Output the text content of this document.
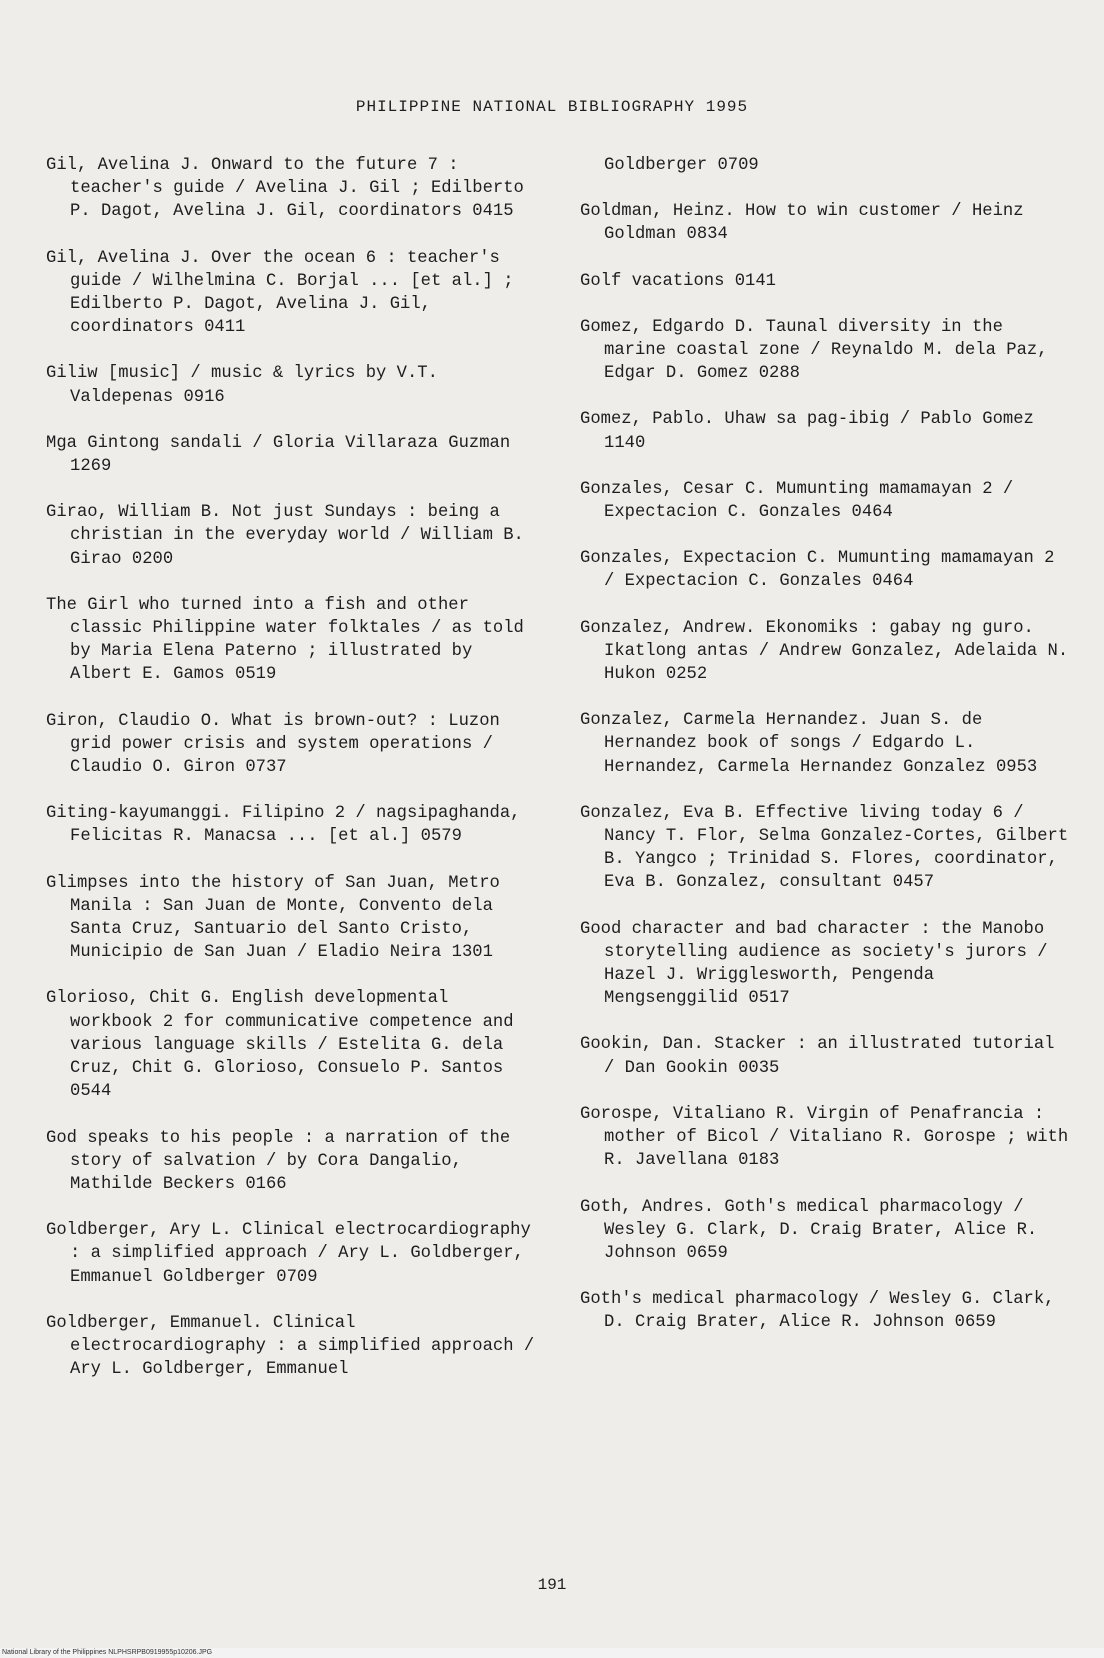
PHILIPPINE NATIONAL BIBLIOGRAPHY 1995
Gil, Avelina J. Onward to the future 7 : teacher's guide / Avelina J. Gil ; Edilberto P. Dagot, Avelina J. Gil, coordinators 0415
Gil, Avelina J. Over the ocean 6 : teacher's guide / Wilhelmina C. Borjal ... [et al.] ; Edilberto P. Dagot, Avelina J. Gil, coordinators 0411
Giliw [music] / music & lyrics by V.T. Valdepenas 0916
Mga Gintong sandali / Gloria Villaraza Guzman 1269
Girao, William B. Not just Sundays : being a christian in the everyday world / William B. Girao 0200
The Girl who turned into a fish and other classic Philippine water folktales / as told by Maria Elena Paterno ; illustrated by Albert E. Gamos 0519
Giron, Claudio O. What is brown-out? : Luzon grid power crisis and system operations / Claudio O. Giron 0737
Giting-kayumanggi. Filipino 2 / nagsipaghanda, Felicitas R. Manacsa ... [et al.] 0579
Glimpses into the history of San Juan, Metro Manila : San Juan de Monte, Convento dela Santa Cruz, Santuario del Santo Cristo, Municipio de San Juan / Eladio Neira 1301
Glorioso, Chit G. English developmental workbook 2 for communicative competence and various language skills / Estelita G. dela Cruz, Chit G. Glorioso, Consuelo P. Santos 0544
God speaks to his people : a narration of the story of salvation / by Cora Dangalio, Mathilde Beckers 0166
Goldberger, Ary L. Clinical electrocardiography : a simplified approach / Ary L. Goldberger, Emmanuel Goldberger 0709
Goldberger, Emmanuel. Clinical electrocardiography : a simplified approach / Ary L. Goldberger, Emmanuel
Goldberger 0709
Goldman, Heinz. How to win customer / Heinz Goldman 0834
Golf vacations 0141
Gomez, Edgardo D. Taunal diversity in the marine coastal zone / Reynaldo M. dela Paz, Edgar D. Gomez 0288
Gomez, Pablo. Uhaw sa pag-ibig / Pablo Gomez 1140
Gonzales, Cesar C. Mumunting mamamayan 2 / Expectacion C. Gonzales 0464
Gonzales, Expectacion C. Mumunting mamamayan 2 / Expectacion C. Gonzales 0464
Gonzalez, Andrew. Ekonomiks : gabay ng guro. Ikatlong antas / Andrew Gonzalez, Adelaida N. Hukon 0252
Gonzalez, Carmela Hernandez. Juan S. de Hernandez book of songs / Edgardo L. Hernandez, Carmela Hernandez Gonzalez 0953
Gonzalez, Eva B. Effective living today 6 / Nancy T. Flor, Selma Gonzalez-Cortes, Gilbert B. Yangco ; Trinidad S. Flores, coordinator, Eva B. Gonzalez, consultant 0457
Good character and bad character : the Manobo storytelling audience as society's jurors / Hazel J. Wrigglesworth, Pengenda Mengsenggilid 0517
Gookin, Dan. Stacker : an illustrated tutorial / Dan Gookin 0035
Gorospe, Vitaliano R. Virgin of Penafrancia : mother of Bicol / Vitaliano R. Gorospe ; with R. Javellana 0183
Goth, Andres. Goth's medical pharmacology / Wesley G. Clark, D. Craig Brater, Alice R. Johnson 0659
Goth's medical pharmacology / Wesley G. Clark, D. Craig Brater, Alice R. Johnson 0659
191
National Library of the Philippines NLPHSRPB0919955p10206.JPG
